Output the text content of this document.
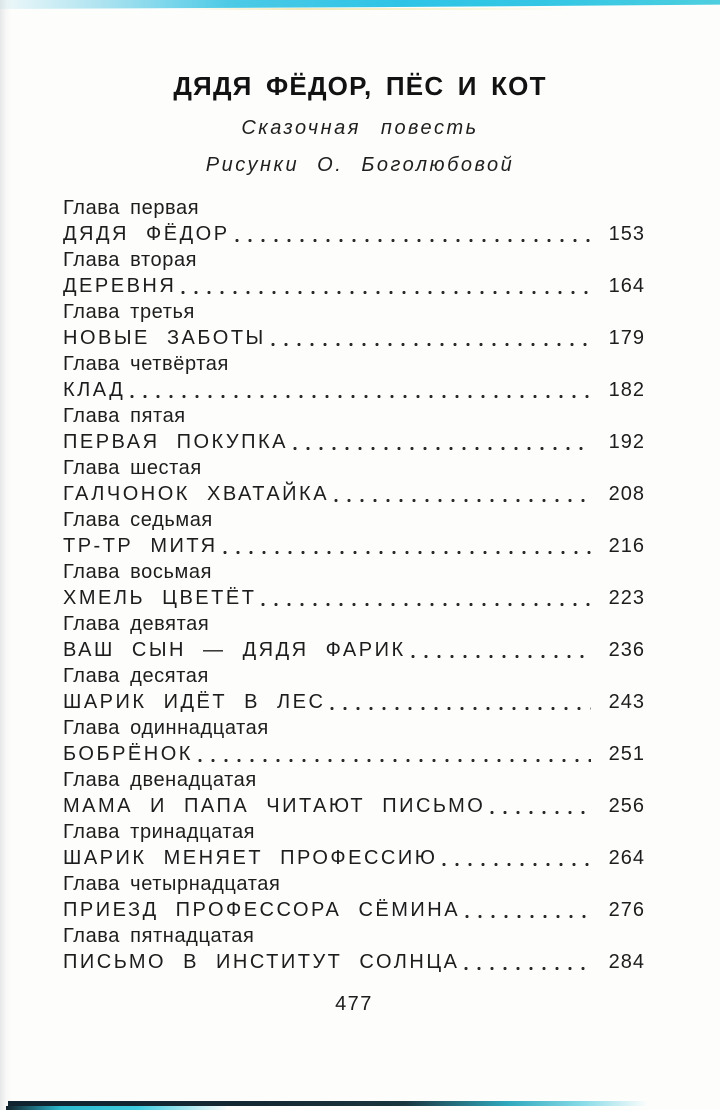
ДЯДЯ ФЁДОР, ПЁС И КОТ
Сказочная повесть
Рисунки О. Боголюбовой
Глава первая
ДЯДЯ ФЁДОР	153
Глава вторая
ДЕРЕВНЯ	164
Глава третья
НОВЫЕ ЗАБОТЫ	179
Глава четвёртая
КЛАД	182
Глава пятая
ПЕРВАЯ ПОКУПКА	192
Глава шестая
ГАЛЧОНОК ХВАТАЙКА	208
Глава седьмая
ТР-ТР МИТЯ	216
Глава восьмая
ХМЕЛЬ ЦВЕТЁТ	223
Глава девятая
ВАШ СЫН — ДЯДЯ ФАРИК	236
Глава десятая
ШАРИК ИДЁТ В ЛЕС	243
Глава одиннадцатая
БОБРЁНОК	251
Глава двенадцатая
МАМА И ПАПА ЧИТАЮТ ПИСЬМО	256
Глава тринадцатая
ШАРИК МЕНЯЕТ ПРОФЕССИЮ	264
Глава четырнадцатая
ПРИЕЗД ПРОФЕССОРА СЁМИНА	276
Глава пятнадцатая
ПИСЬМО В ИНСТИТУТ СОЛНЦА	284
477
